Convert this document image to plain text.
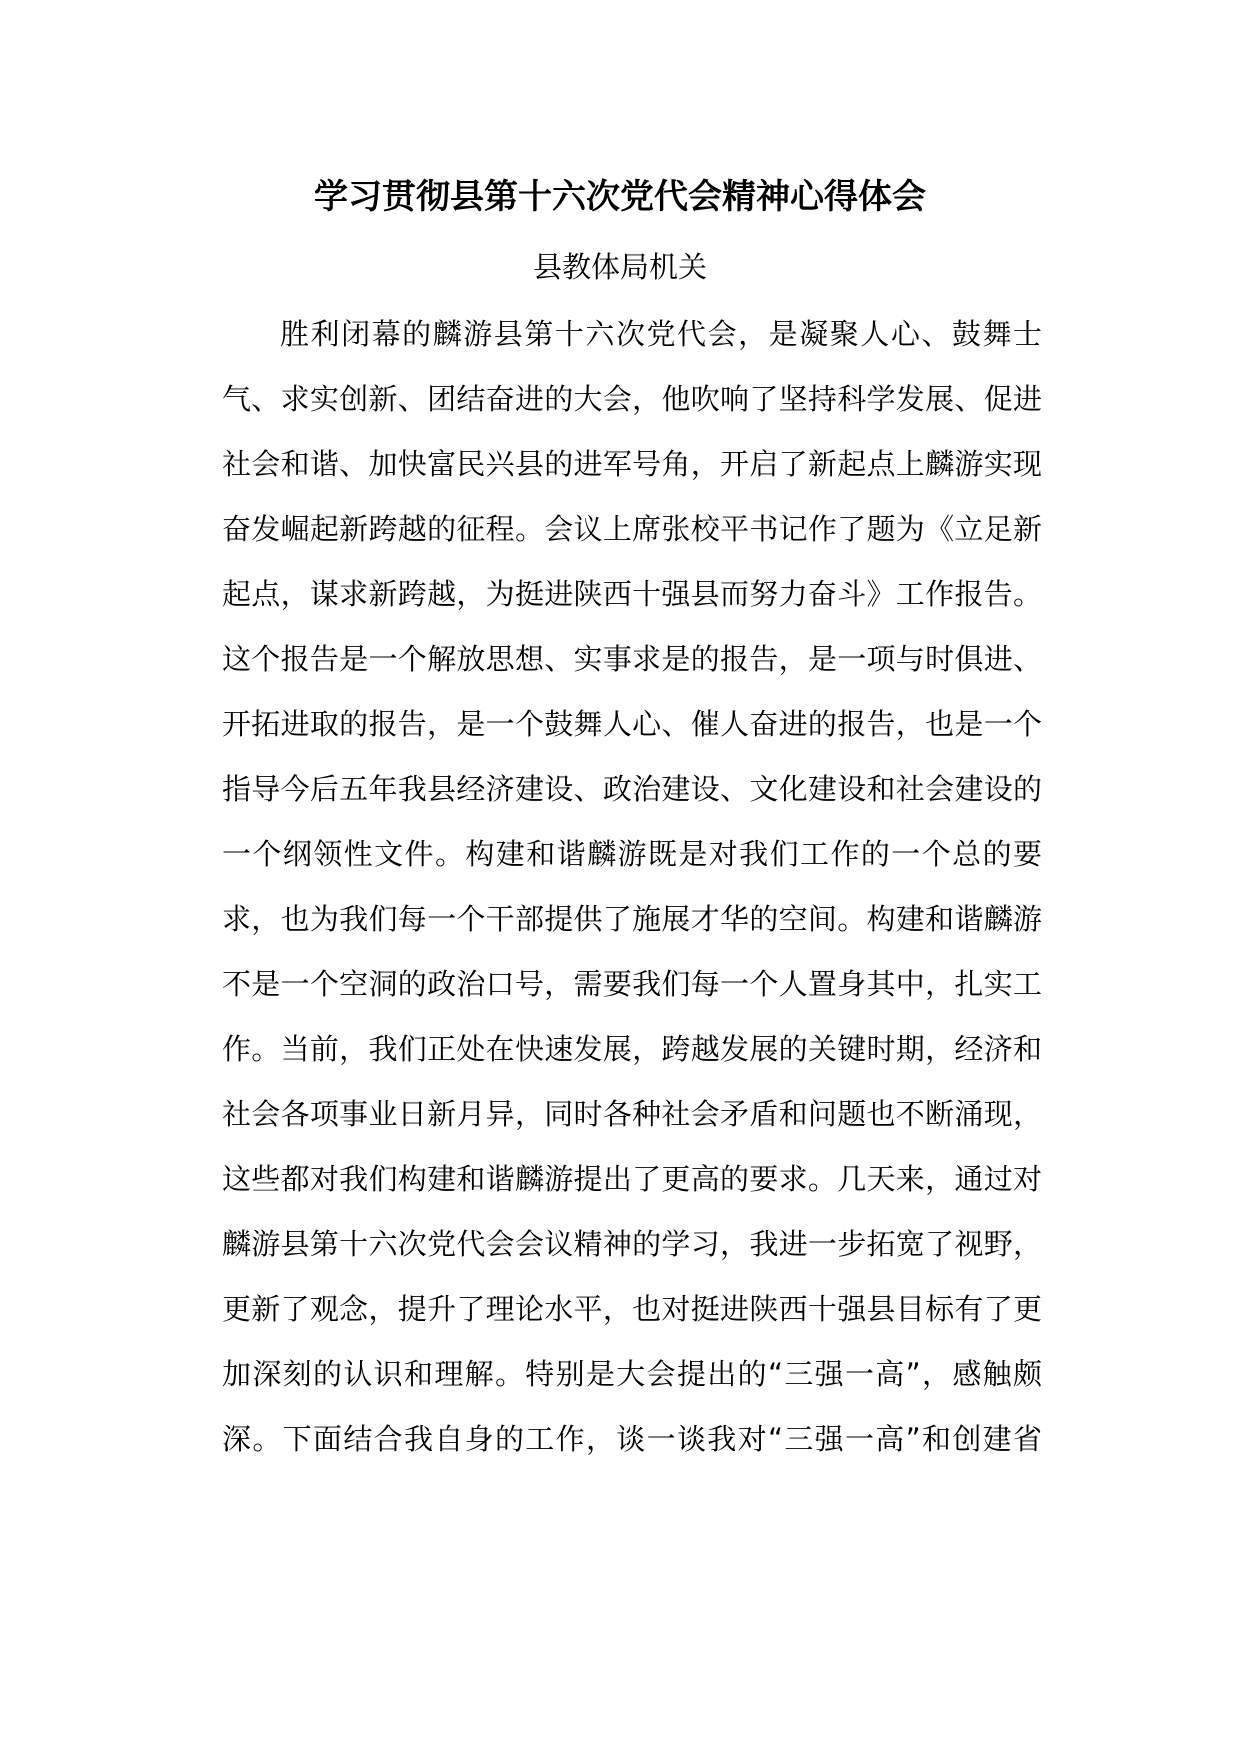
学习贯彻县第十六次党代会精神心得体会
县教体局机关
胜利闭幕的麟游县第十六次党代会，是凝聚人心、鼓舞士
气、求实创新、团结奋进的大会，他吹响了坚持科学发展、促进
社会和谐、加快富民兴县的进军号角，开启了新起点上麟游实现
奋发崛起新跨越的征程。会议上席张校平书记作了题为《立足新
起点，谋求新跨越，为挺进陕西十强县而努力奋斗》工作报告。
这个报告是一个解放思想、实事求是的报告，是一项与时俱进、
开拓进取的报告，是一个鼓舞人心、催人奋进的报告，也是一个
指导今后五年我县经济建设、政治建设、文化建设和社会建设的
一个纲领性文件。构建和谐麟游既是对我们工作的一个总的要
求，也为我们每一个干部提供了施展才华的空间。构建和谐麟游
不是一个空洞的政治口号，需要我们每一个人置身其中，扎实工
作。当前，我们正处在快速发展，跨越发展的关键时期，经济和
社会各项事业日新月异，同时各种社会矛盾和问题也不断涌现，
这些都对我们构建和谐麟游提出了更高的要求。几天来，通过对
麟游县第十六次党代会会议精神的学习，我进一步拓宽了视野，
更新了观念，提升了理论水平，也对挺进陕西十强县目标有了更
加深刻的认识和理解。特别是大会提出的“三强一高”，感触颇
深。下面结合我自身的工作，谈一谈我对“三强一高”和创建省
